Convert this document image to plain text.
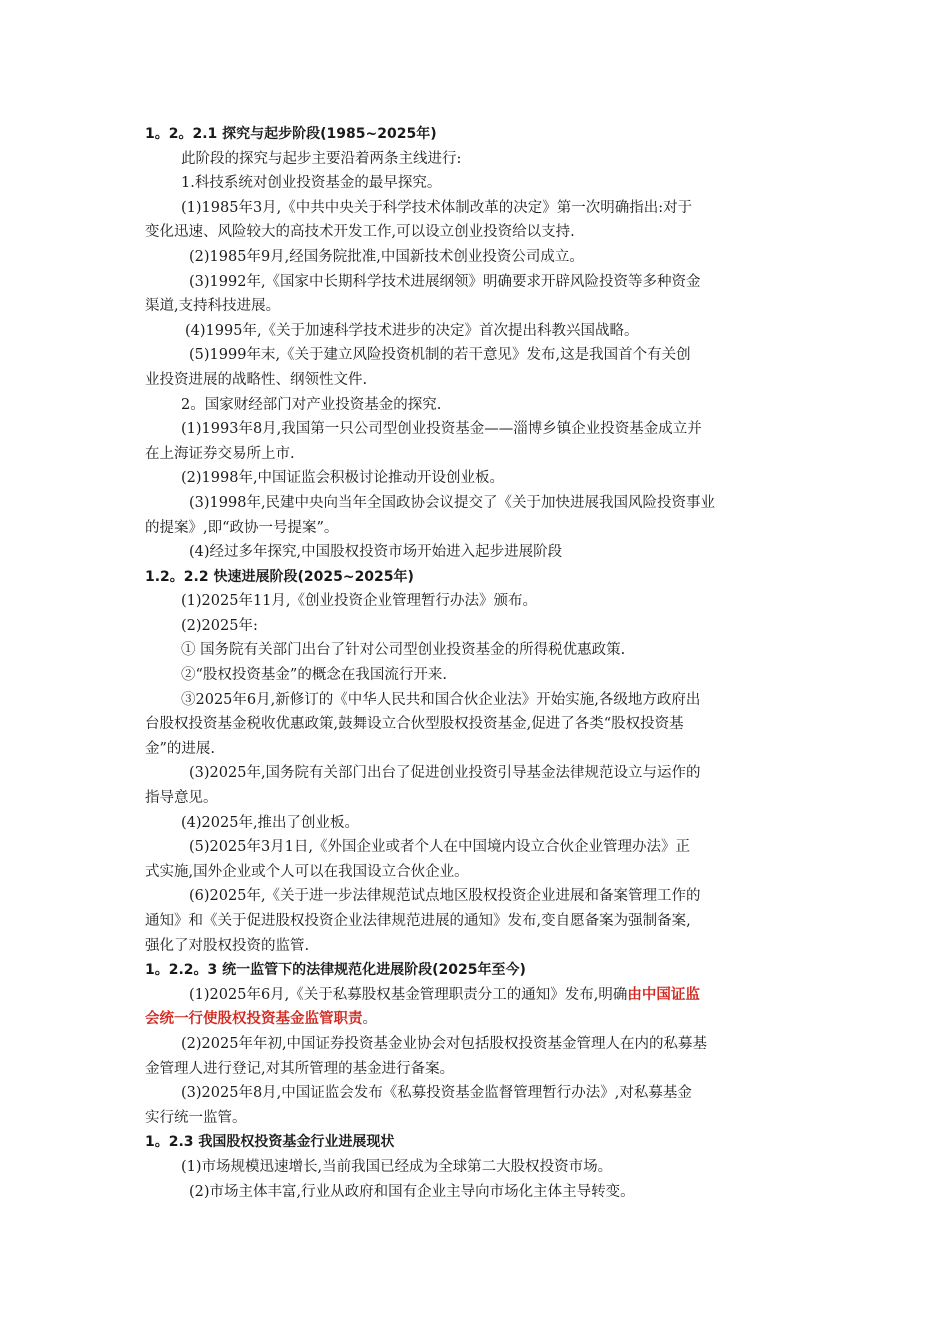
1。2。2.1 探究与起步阶段(1985~2025年)
此阶段的探究与起步主要沿着两条主线进行:
1.科技系统对创业投资基金的最早探究。
(1)1985年3月,《中共中央关于科学技术体制改革的决定》第一次明确指出:对于
变化迅速、风险较大的高技术开发工作,可以设立创业投资给以支持.
(2)1985年9月,经国务院批准,中国新技术创业投资公司成立。
(3)1992年,《国家中长期科学技术进展纲领》明确要求开辟风险投资等多种资金
渠道,支持科技进展。
(4)1995年,《关于加速科学技术进步的决定》首次提出科教兴国战略。
(5)1999年末,《关于建立风险投资机制的若干意见》发布,这是我国首个有关创
业投资进展的战略性、纲领性文件.
2。国家财经部门对产业投资基金的探究.
(1)1993年8月,我国第一只公司型创业投资基金——淄博乡镇企业投资基金成立并
在上海证券交易所上市.
(2)1998年,中国证监会积极讨论推动开设创业板。
(3)1998年,民建中央向当年全国政协会议提交了《关于加快进展我国风险投资事业
的提案》,即“政协一号提案”。
(4)经过多年探究,中国股权投资市场开始进入起步进展阶段
1.2。2.2 快速进展阶段(2025~2025年)
(1)2025年11月,《创业投资企业管理暂行办法》颁布。
(2)2025年:
① 国务院有关部门出台了针对公司型创业投资基金的所得税优惠政策.
②“股权投资基金”的概念在我国流行开来.
③2025年6月,新修订的《中华人民共和国合伙企业法》开始实施,各级地方政府出
台股权投资基金税收优惠政策,鼓舞设立合伙型股权投资基金,促进了各类“股权投资基
金”的进展.
(3)2025年,国务院有关部门出台了促进创业投资引导基金法律规范设立与运作的
指导意见。
(4)2025年,推出了创业板。
(5)2025年3月1日,《外国企业或者个人在中国境内设立合伙企业管理办法》正
式实施,国外企业或个人可以在我国设立合伙企业。
(6)2025年,《关于进一步法律规范试点地区股权投资企业进展和备案管理工作的
通知》和《关于促进股权投资企业法律规范进展的通知》发布,变自愿备案为强制备案,
强化了对股权投资的监管.
1。2.2。3 统一监管下的法律规范化进展阶段(2025年至今)
(1)2025年6月,《关于私募股权基金管理职责分工的通知》发布,明确由中国证监
会统一行使股权投资基金监管职责。
(2)2025年年初,中国证券投资基金业协会对包括股权投资基金管理人在内的私募基
金管理人进行登记,对其所管理的基金进行备案。
(3)2025年8月,中国证监会发布《私募投资基金监督管理暂行办法》,对私募基金
实行统一监管。
1。2.3 我国股权投资基金行业进展现状
(1)市场规模迅速增长,当前我国已经成为全球第二大股权投资市场。
(2)市场主体丰富,行业从政府和国有企业主导向市场化主体主导转变。
